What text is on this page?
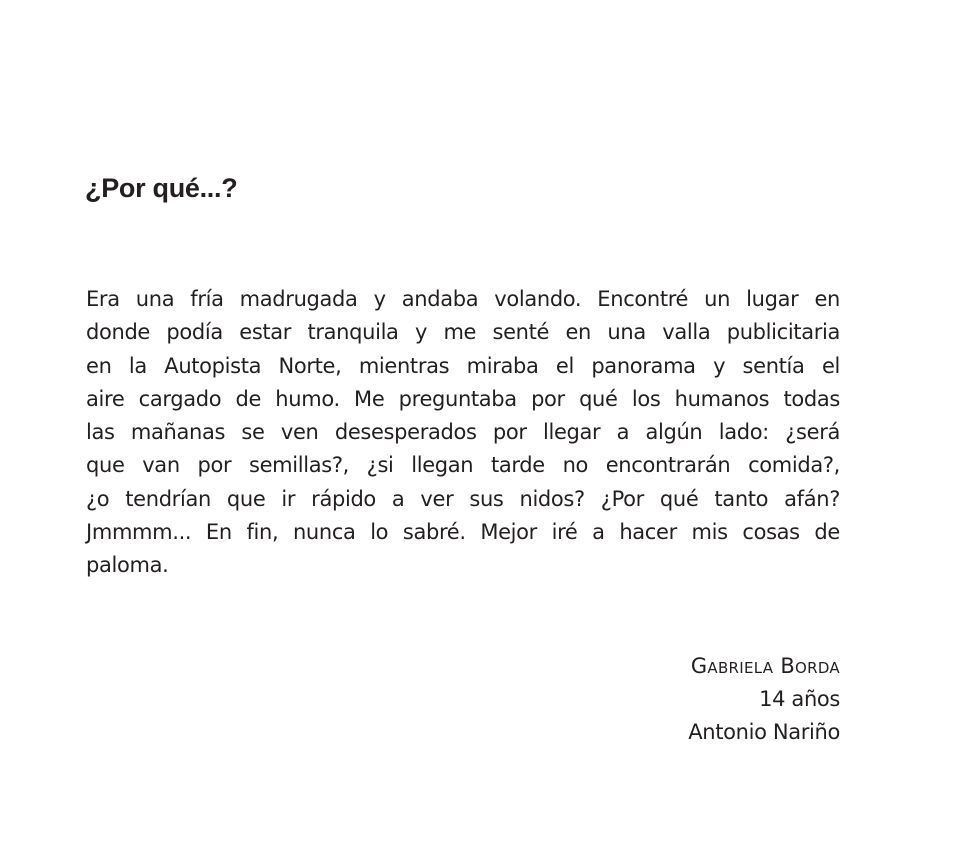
¿Por qué...?
Era una fría madrugada y andaba volando. Encontré un lugar en
donde podía estar tranquila y me senté en una valla publicitaria
en la Autopista Norte, mientras miraba el panorama y sentía el
aire cargado de humo. Me preguntaba por qué los humanos todas
las mañanas se ven desesperados por llegar a algún lado: ¿será
que van por semillas?, ¿si llegan tarde no encontrarán comida?,
¿o tendrían que ir rápido a ver sus nidos? ¿Por qué tanto afán?
Jmmmm... En fin, nunca lo sabré. Mejor iré a hacer mis cosas de
paloma.
Gabriela Borda
14 años
Antonio Nariño
